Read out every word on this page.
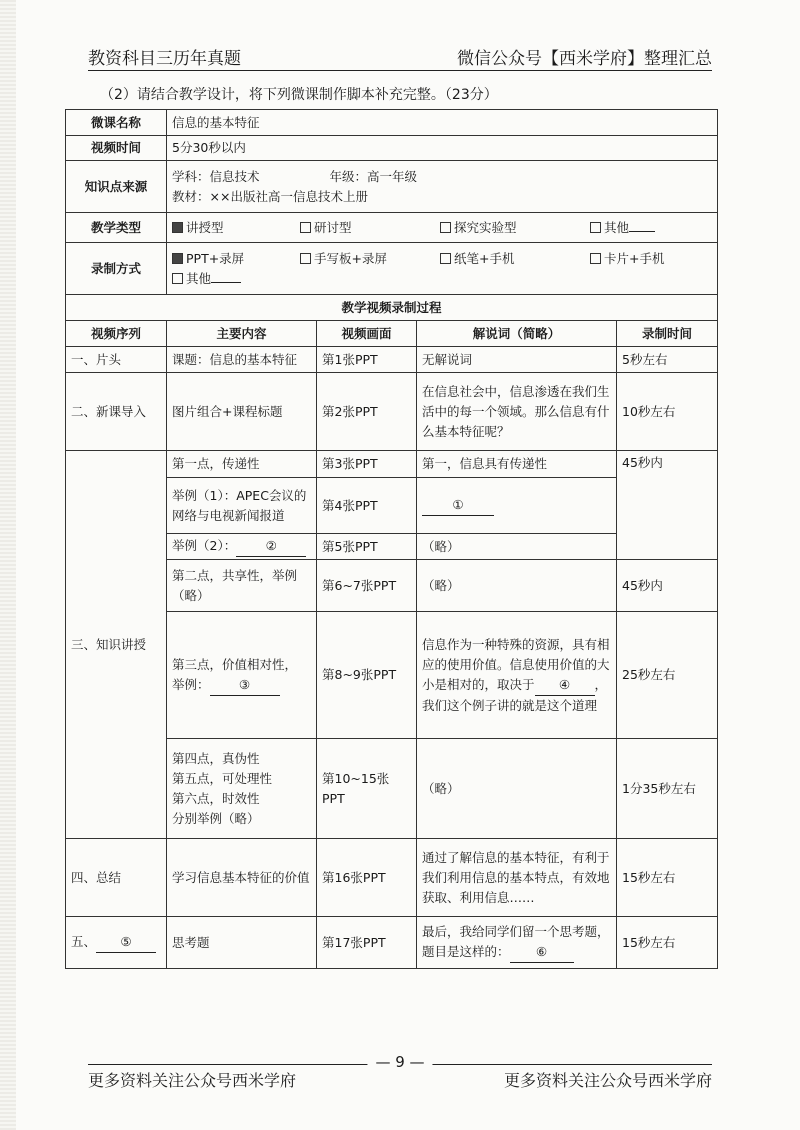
教资科目三历年真题	微信公众号【西米学府】整理汇总
（2）请结合教学设计，将下列微课制作脚本补充完整。（23分）
微课名称	信息的基本特征			
视频时间	5分30秒以内			
知识点来源	学科：信息技术 年级：高一年级
教材：××出版社高一信息技术上册			

教学类型	讲授型 研讨型 探究实验型 其他			
录制方式	PPT+录屏 手写板+录屏 纸笔+手机 卡片+手机
其他			

教学视频录制过程				
视频序列	主要内容	视频画面	解说词（简略）	录制时间
一、片头	课题：信息的基本特征	第1张PPT	无解说词	5秒左右
二、新课导入	图片组合+课程标题	第2张PPT	在信息社会中，信息渗透在我们生活中的每一个领域。那么信息有什么基本特征呢？	10秒左右
三、知识讲授	第一点，传递性	第3张PPT	第一，信息具有传递性	45秒内
	举例（1）：APEC会议的网络与电视新闻报道	第4张PPT	①	
	举例（2）： ②	第5张PPT	（略）	
	第二点，共享性，举例（略）	第6~7张PPT	（略）	45秒内

	第三点，价值相对性，
举例： ③	第8~9张PPT	信息作为一种特殊的资源，具有相应的使用价值。信息使用价值的大小是相对的，取决于 ④ ，我们这个例子讲的就是这个道理	25秒左右

	第四点，真伪性
第五点，可处理性
第六点，时效性
分别举例（略）	第10~15张PPT	（略）	1分35秒左右
四、总结	学习信息基本特征的价值	第16张PPT	通过了解信息的基本特征，有利于我们利用信息的基本特点，有效地获取、利用信息……	15秒左右
五、 ⑤	思考题	第17张PPT	最后，我给同学们留一个思考题，题目是这样的： ⑥	15秒左右
更多资料关注公众号西米学府
— 9 —
更多资料关注公众号西米学府
